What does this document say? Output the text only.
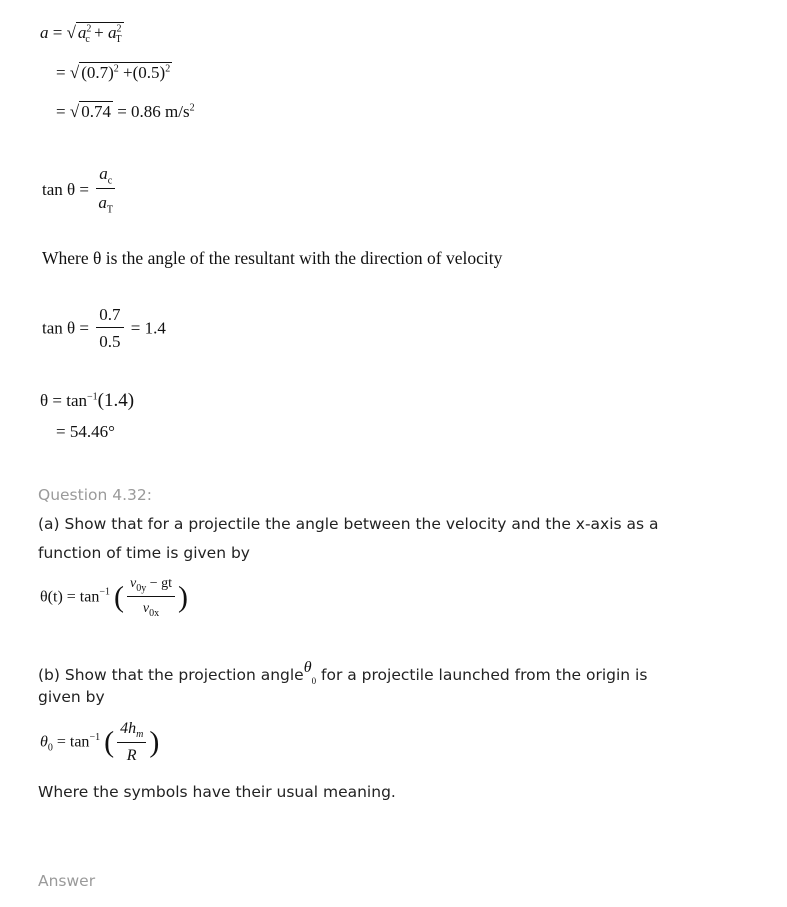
a = √ $a^2_c + a^2_T$
= √ $(0.7)^2 +(0.5)^2$
= √ 0.74 = 0.86 $m/s^2$
$\tan \theta = \frac{a_c}{a_T}$
Where θ is the angle of the resultant with the direction of velocity
$\tan \theta = \frac{0.7}{0.5} = 1.4$
$\theta = \tan^{-1}(1.4)$
= 54.46°
Question 4.32:
(a) Show that for a projectile the angle between the velocity and the x-axis as a
function of time is given by
$\theta(t) = \tan^{-1}$ ( $\frac{v_{0y} - gt}{v_{0x}}$ )
(b) Show that the projection angleθ$_0$ for a projectile launched from the origin is
given by
$\theta_0 = \tan^{-1}$ ( $\frac{4h_m}{R}$ )
Where the symbols have their usual meaning.
Answer
